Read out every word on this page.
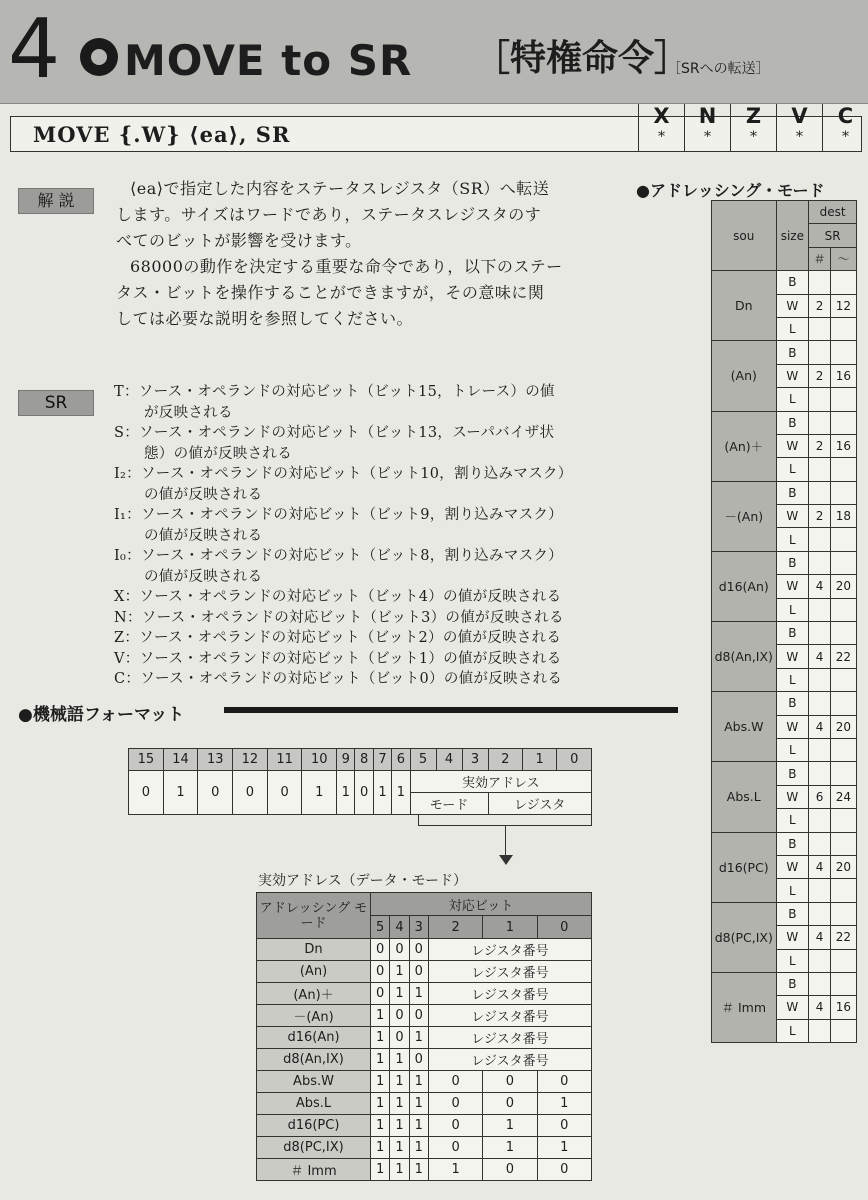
4 MOVE to SR ［特権命令］
［SRへの転送］
MOVE {.W} ⟨ea⟩, SR
X
*
N
*
Z
*
V
*
C
*
解 説
⟨ea⟩で指定した内容をステータスレジスタ（SR）へ転送
します。サイズはワードであり，ステータスレジスタのす
べてのビットが影響を受けます。
68000の動作を決定する重要な命令であり，以下のステー
タス・ビットを操作することができますが，その意味に関
しては必要な説明を参照してください。
SR
T：ソース・オペランドの対応ビット（ビット15，トレース）の値
が反映される
S：ソース・オペランドの対応ビット（ビット13，スーパバイザ状
態）の値が反映される
I₂：ソース・オペランドの対応ビット（ビット10，割り込みマスク）
の値が反映される
I₁：ソース・オペランドの対応ビット（ビット9，割り込みマスク）
の値が反映される
I₀：ソース・オペランドの対応ビット（ビット8，割り込みマスク）
の値が反映される
X：ソース・オペランドの対応ビット（ビット4）の値が反映される
N：ソース・オペランドの対応ビット（ビット3）の値が反映される
Z：ソース・オペランドの対応ビット（ビット2）の値が反映される
V：ソース・オペランドの対応ビット（ビット1）の値が反映される
C：ソース・オペランドの対応ビット（ビット0）の値が反映される
●機械語フォーマット
15	14	13	12	11	10	9	8	7	6	5	4	3	2	1	0
0	1	0	0	0	1	1	0	1	1	実効アドレス					
										モード			レジスタ		
実効アドレス（データ・モード）
アドレッシング モード	対応ビット					
	5	4	3	2	1	0
Dn	0	0	0	レジスタ番号		
(An)	0	1	0	レジスタ番号		
(An)＋	0	1	1	レジスタ番号		
－(An)	1	0	0	レジスタ番号		
d16(An)	1	0	1	レジスタ番号		
d8(An,IX)	1	1	0	レジスタ番号		
Abs.W	1	1	1	0	0	0
Abs.L	1	1	1	0	0	1
d16(PC)	1	1	1	0	1	0
d8(PC,IX)	1	1	1	0	1	1
＃ Imm	1	1	1	1	0	0
●アドレッシング・モード
sou	size	dest	
		SR	
		＃	～
Dn	B		
	W	2	12
	L		
(An)	B		
	W	2	16
	L		
(An)＋	B		
	W	2	16
	L		
－(An)	B		
	W	2	18
	L		
d16(An)	B		
	W	4	20
	L		
d8(An,IX)	B		
	W	4	22
	L		
Abs.W	B		
	W	4	20
	L		
Abs.L	B		
	W	6	24
	L		
d16(PC)	B		
	W	4	20
	L		
d8(PC,IX)	B		
	W	4	22
	L		
＃ Imm	B		
	W	4	16
	L		
